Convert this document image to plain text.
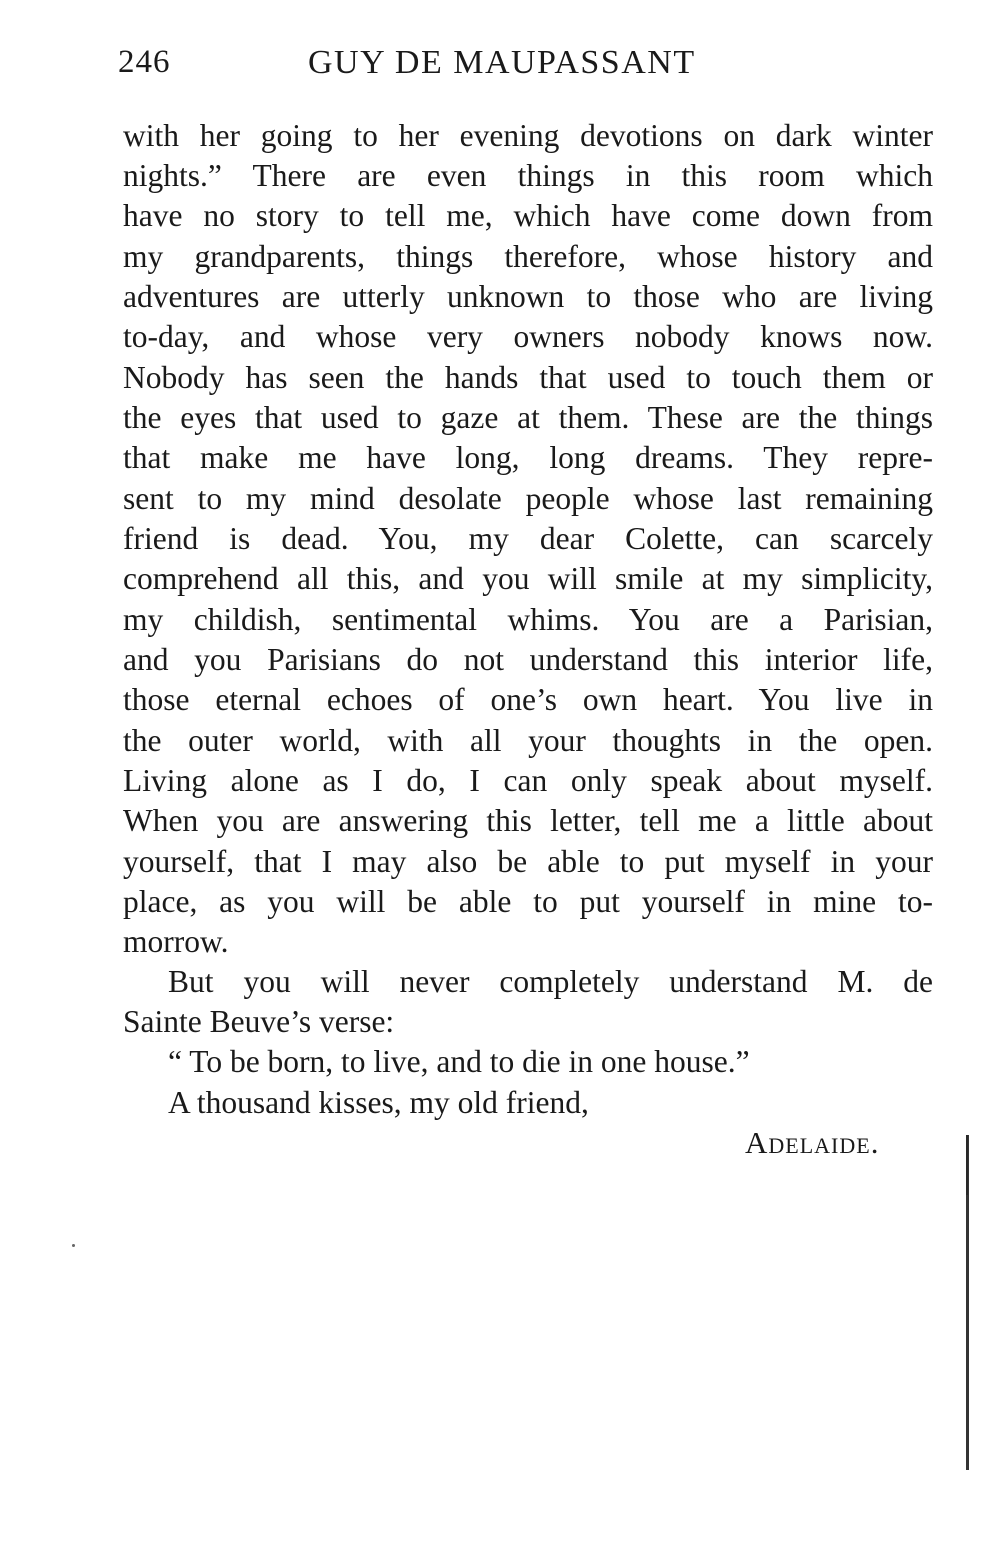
246	GUY DE MAUPASSANT
with her going to her evening devotions on dark winter
nights.” There are even things in this room which
have no story to tell me, which have come down from
my grandparents, things therefore, whose history and
adventures are utterly unknown to those who are living
to-day, and whose very owners nobody knows now.
Nobody has seen the hands that used to touch them or
the eyes that used to gaze at them. These are the things
that make me have long, long dreams. They repre-
sent to my mind desolate people whose last remaining
friend is dead. You, my dear Colette, can scarcely
comprehend all this, and you will smile at my simplicity,
my childish, sentimental whims. You are a Parisian,
and you Parisians do not understand this interior life,
those eternal echoes of one’s own heart. You live in
the outer world, with all your thoughts in the open.
Living alone as I do, I can only speak about myself.
When you are answering this letter, tell me a little about
yourself, that I may also be able to put myself in your
place, as you will be able to put yourself in mine to-
morrow.
But you will never completely understand M. de
Sainte Beuve’s verse:
“ To be born, to live, and to die in one house.”
A thousand kisses, my old friend,
Adelaide.
